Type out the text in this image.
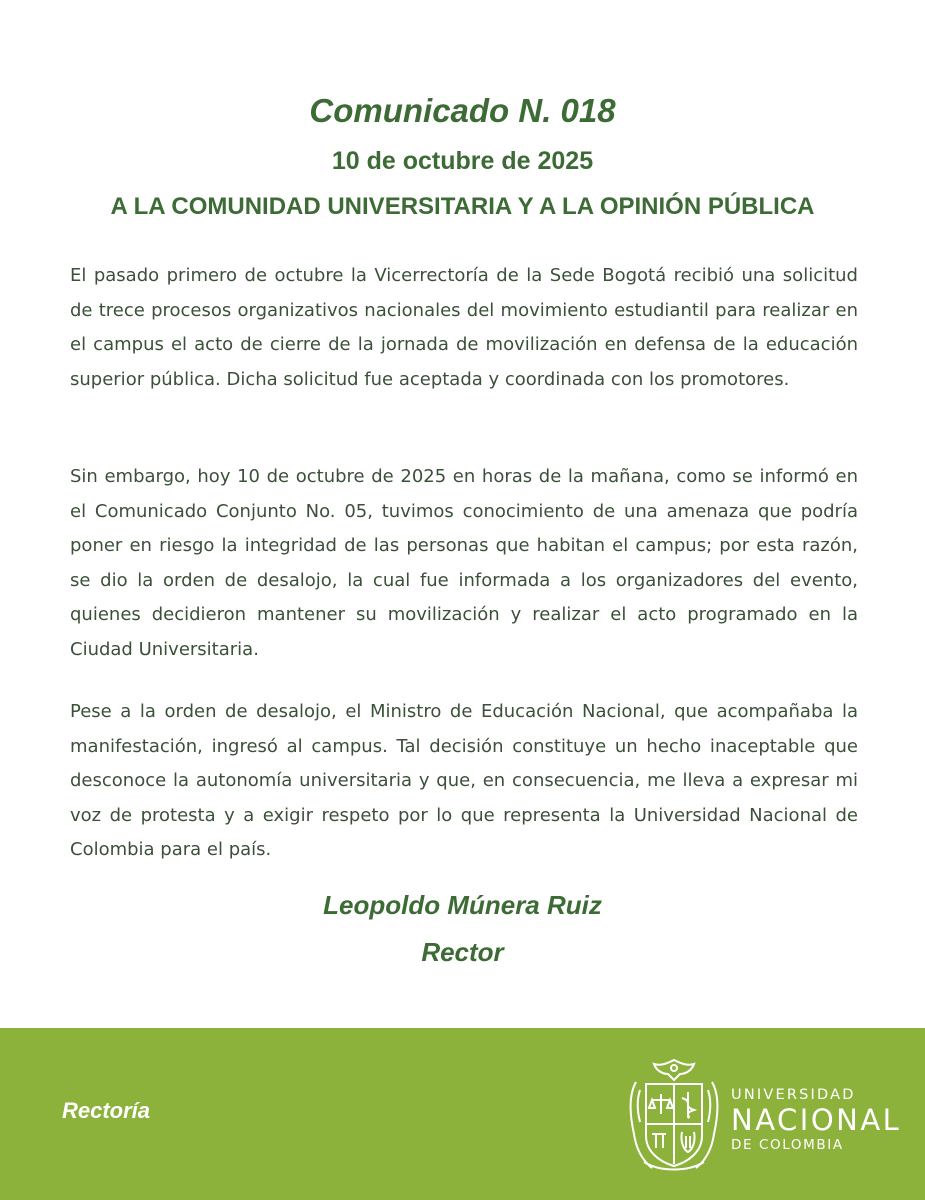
Comunicado N. 018
10 de octubre de 2025
A LA COMUNIDAD UNIVERSITARIA Y A LA OPINIÓN PÚBLICA

El pasado primero de octubre la Vicerrectoría de la Sede Bogotá recibió una solicitud de trece procesos organizativos nacionales del movimiento estudiantil para realizar en el campus el acto de cierre de la jornada de movilización en defensa de la educación superior pública. Dicha solicitud fue aceptada y coordinada con los promotores.

Sin embargo, hoy 10 de octubre de 2025 en horas de la mañana, como se informó en el Comunicado Conjunto No. 05, tuvimos conocimiento de una amenaza que podría poner en riesgo la integridad de las personas que habitan el campus; por esta razón, se dio la orden de desalojo, la cual fue informada a los organizadores del evento, quienes decidieron mantener su movilización y realizar el acto programado en la Ciudad Universitaria.

Pese a la orden de desalojo, el Ministro de Educación Nacional, que acompañaba la manifestación, ingresó al campus. Tal decisión constituye un hecho inaceptable que desconoce la autonomía universitaria y que, en consecuencia, me lleva a expresar mi voz de protesta y a exigir respeto por lo que representa la Universidad Nacional de Colombia para el país.

Leopoldo Múnera Ruiz

Rector

Rectoría
UNIVERSIDAD
NACIONAL
DE COLOMBIA
